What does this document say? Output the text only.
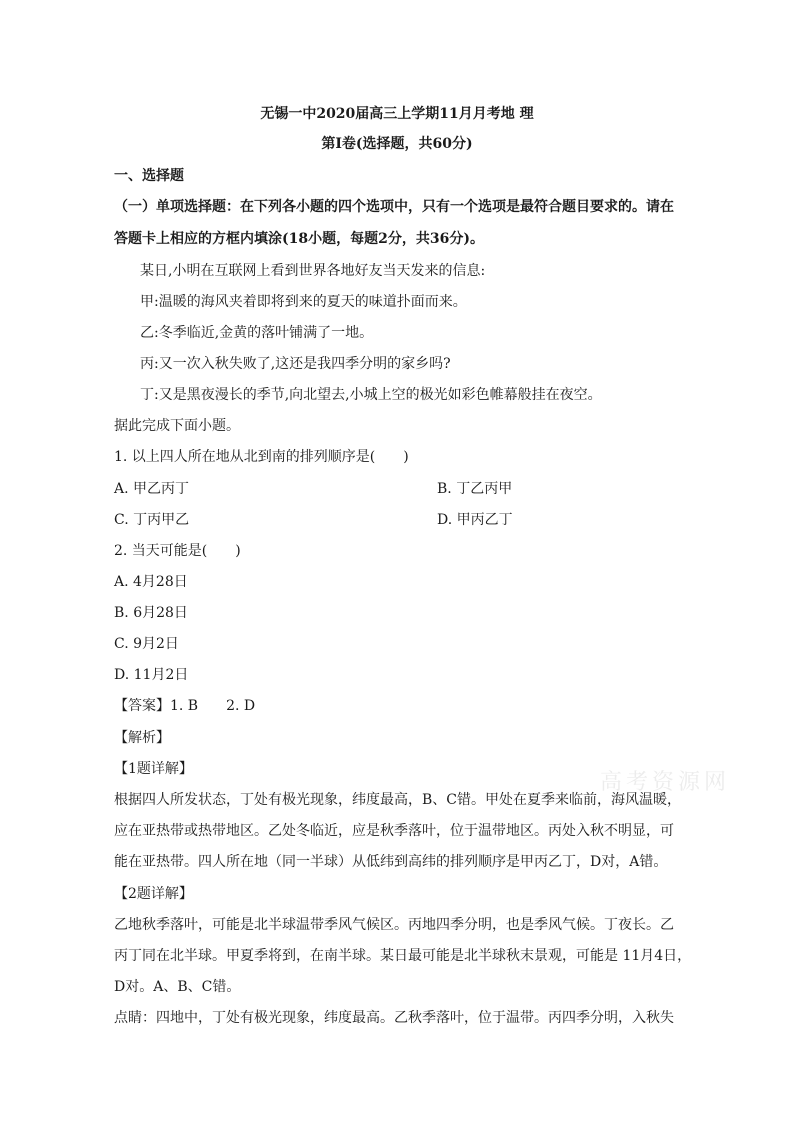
无锡一中2020届高三上学期11月月考地 理
第Ⅰ卷(选择题，共60分)
一、选择题
（一）单项选择题：在下列各小题的四个选项中，只有一个选项是最符合题目要求的。请在
答题卡上相应的方框内填涂(18小题，每题2分，共36分)。
某日,小明在互联网上看到世界各地好友当天发来的信息:
甲:温暖的海风夹着即将到来的夏天的味道扑面而来。
乙:冬季临近,金黄的落叶铺满了一地。
丙:又一次入秋失败了,这还是我四季分明的家乡吗?
丁:又是黑夜漫长的季节,向北望去,小城上空的极光如彩色帷幕般挂在夜空。
据此完成下面小题。
1. 以上四人所在地从北到南的排列顺序是(　　)
A. 甲乙丙丁	B. 丁乙丙甲
C. 丁丙甲乙	D. 甲丙乙丁
2. 当天可能是(　　)
A. 4月28日
B. 6月28日
C. 9月2日
D. 11月2日
【答案】1. B　　2. D
【解析】
【1题详解】
根据四人所发状态，丁处有极光现象，纬度最高，B、C错。甲处在夏季来临前，海风温暖，
应在亚热带或热带地区。乙处冬临近，应是秋季落叶，位于温带地区。丙处入秋不明显，可
能在亚热带。四人所在地（同一半球）从低纬到高纬的排列顺序是甲丙乙丁，D对，A错。
【2题详解】
乙地秋季落叶，可能是北半球温带季风气候区。丙地四季分明，也是季风气候。丁夜长。乙
丙丁同在北半球。甲夏季将到，在南半球。某日最可能是北半球秋末景观，可能是 11月4日，
D对。A、B、C错。
点睛：四地中，丁处有极光现象，纬度最高。乙秋季落叶，位于温带。丙四季分明，入秋失
高考资源网
